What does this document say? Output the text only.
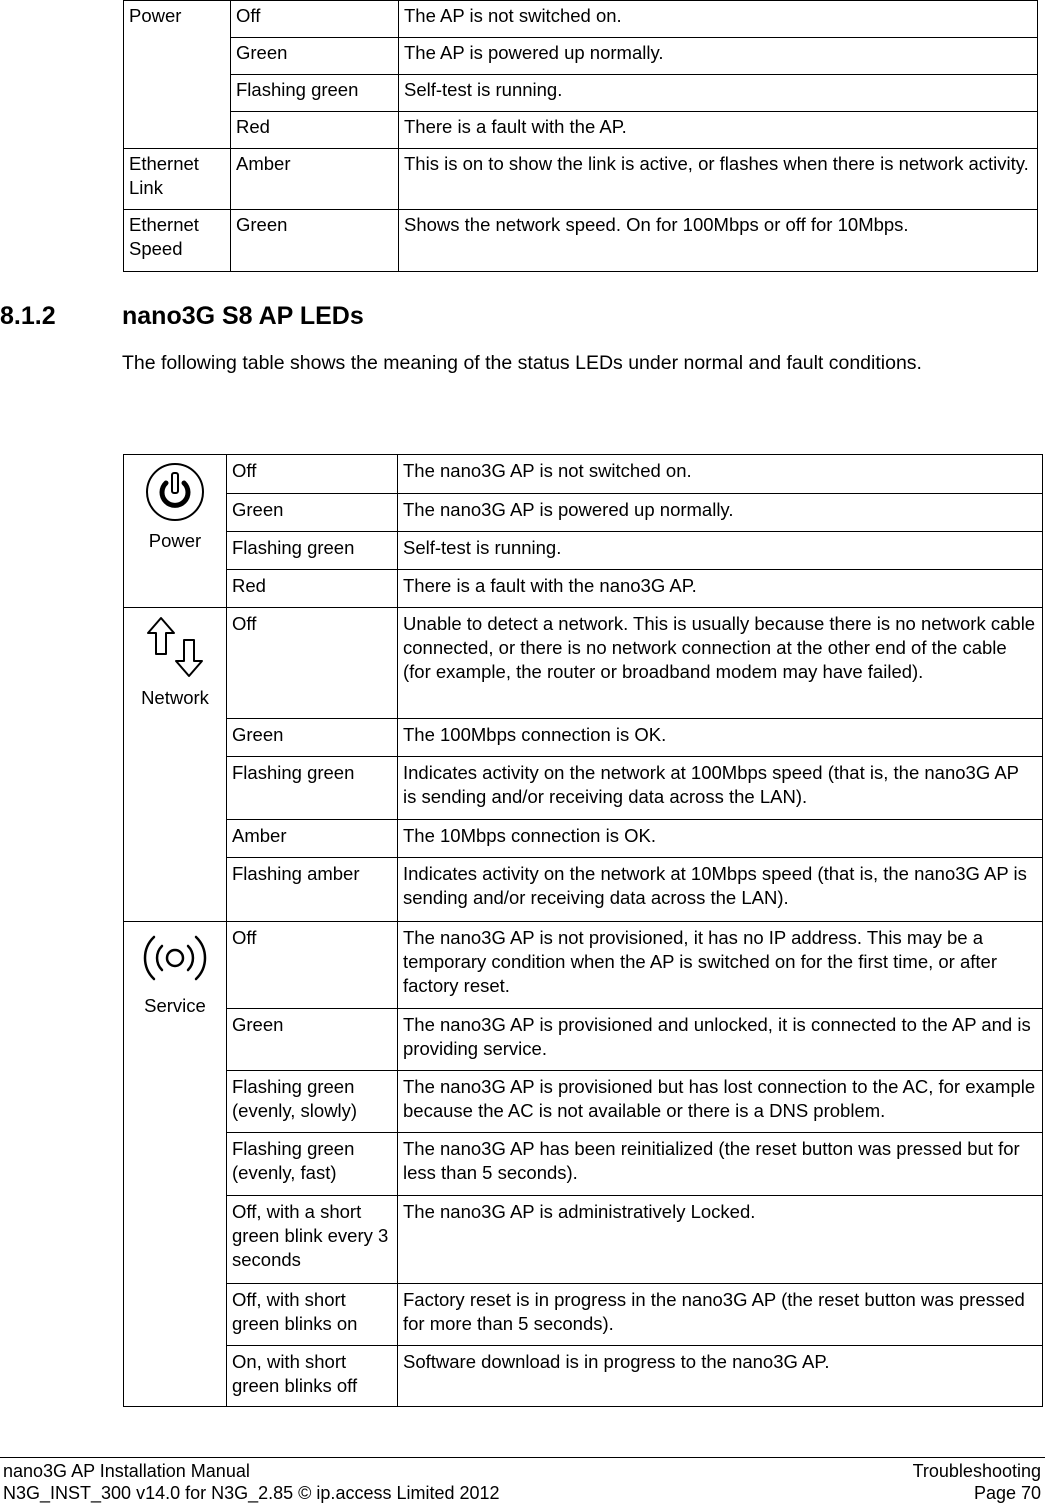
Power	Off	The AP is not switched on.
	Green	The AP is powered up normally.
	Flashing green	Self-test is running.
	Red	There is a fault with the AP.
Ethernet Link	Amber	This is on to show the link is active, or flashes when there is network activity.
Ethernet Speed	Green	Shows the network speed. On for 100Mbps or off for 10Mbps.
8.1.2	nano3G S8 AP LEDs

The following table shows the meaning of the status LEDs under normal and fault conditions.

Power	Off	The nano3G AP is not switched on.
	Green	The nano3G AP is powered up normally.
	Flashing green	Self-test is running.
	Red	There is a fault with the nano3G AP.

Network	Off	Unable to detect a network. This is usually because there is no network cable connected, or there is no network connection at the other end of the cable (for example, the router or broadband modem may have failed).
	Green	The 100Mbps connection is OK.
	Flashing green	Indicates activity on the network at 100Mbps speed (that is, the nano3G AP is sending and/or receiving data across the LAN).
	Amber	The 10Mbps connection is OK.
	Flashing amber	Indicates activity on the network at 10Mbps speed (that is, the nano3G AP is sending and/or receiving data across the LAN).

Service	Off	The nano3G AP is not provisioned, it has no IP address. This may be a temporary condition when the AP is switched on for the first time, or after factory reset.
	Green	The nano3G AP is provisioned and unlocked, it is connected to the AP and is providing service.
	Flashing green (evenly, slowly)	The nano3G AP is provisioned but has lost connection to the AC, for example because the AC is not available or there is a DNS problem.
	Flashing green (evenly, fast)	The nano3G AP has been reinitialized (the reset button was pressed but for less than 5 seconds).
	Off, with a short green blink every 3 seconds	The nano3G AP is administratively Locked.
	Off, with short green blinks on	Factory reset is in progress in the nano3G AP (the reset button was pressed for more than 5 seconds).
	On, with short green blinks off	Software download is in progress to the nano3G AP.
nano3G AP Installation Manual
N3G_INST_300 v14.0 for N3G_2.85 © ip.access Limited 2012
Troubleshooting
Page 70
